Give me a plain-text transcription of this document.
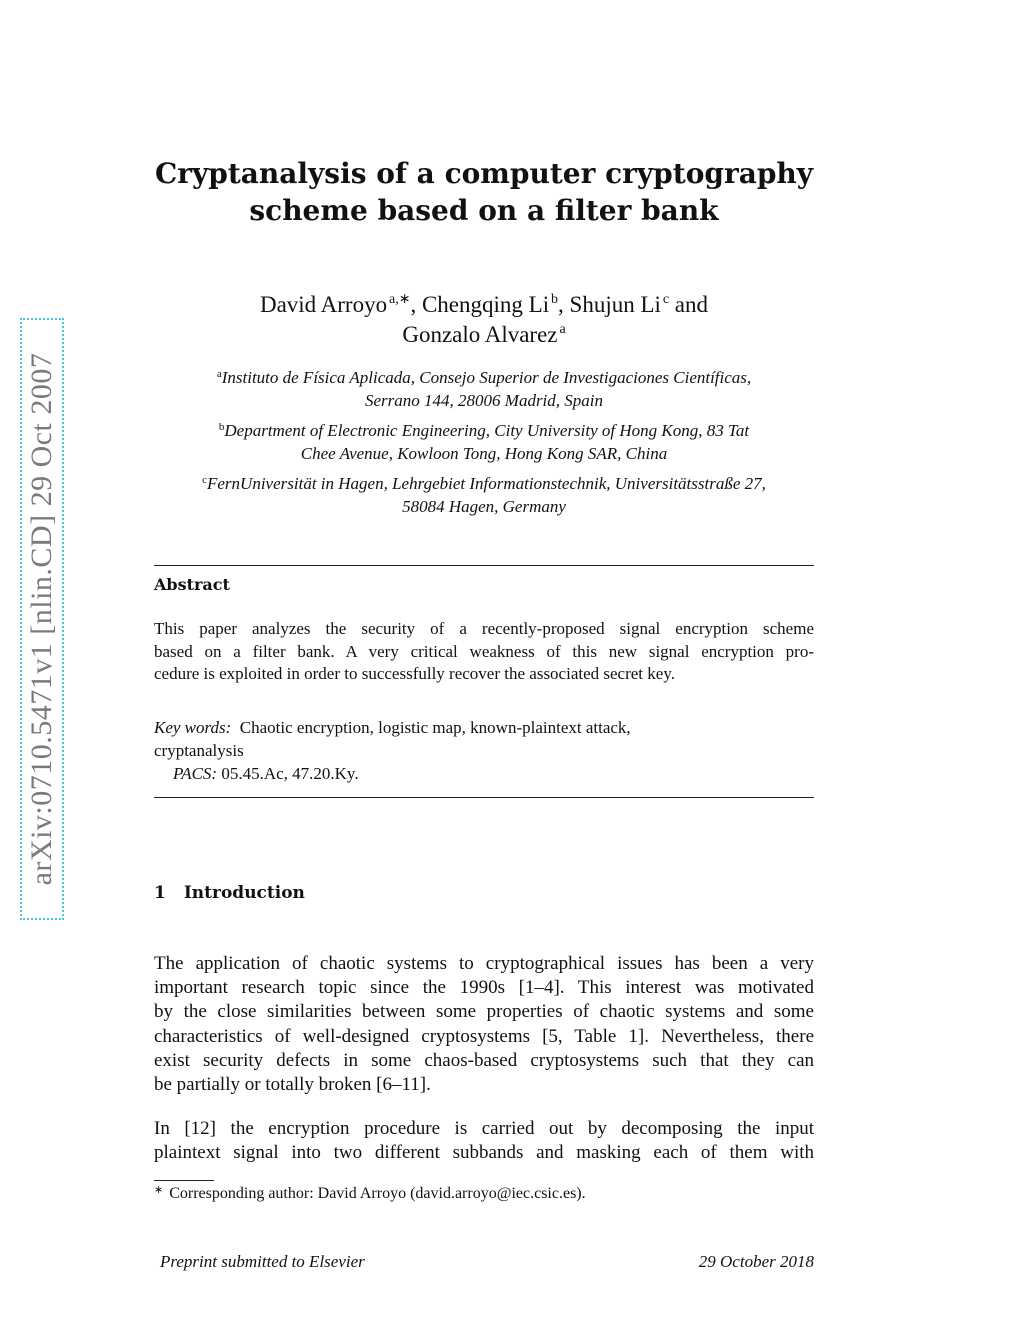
arXiv:0710.5471v1 [nlin.CD] 29 Oct 2007
Cryptanalysis of a computer cryptography
scheme based on a filter bank
David Arroyo  $^{a,∗}$, Chengqing Li  $^b$, Shujun Li  $^c$ and
Gonzalo Alvarez  $^a$
$^a$Instituto de Física Aplicada, Consejo Superior de Investigaciones Científicas,
Serrano 144, 28006 Madrid, Spain
$^b$Department of Electronic Engineering, City University of Hong Kong, 83 Tat
Chee Avenue, Kowloon Tong, Hong Kong SAR, China
$^c$FernUniversität in Hagen, Lehrgebiet Informationstechnik, Universitätsstraße 27,
58084 Hagen, Germany
Abstract
This paper analyzes the security of a recently-proposed signal encryption scheme
based on a filter bank. A very critical weakness of this new signal encryption pro-
cedure is exploited in order to successfully recover the associated secret key.
Key words: Chaotic encryption, logistic map, known-plaintext attack,
cryptanalysis
PACS: 05.45.Ac, 47.20.Ky.
1 Introduction
The application of chaotic systems to cryptographical issues has been a very
important research topic since the 1990s [1–4]. This interest was motivated
by the close similarities between some properties of chaotic systems and some
characteristics of well-designed cryptosystems [5, Table 1]. Nevertheless, there
exist security defects in some chaos-based cryptosystems such that they can
be partially or totally broken [6–11].
In [12] the encryption procedure is carried out by decomposing the input
plaintext signal into two different subbands and masking each of them with
∗ Corresponding author: David Arroyo (david.arroyo@iec.csic.es).
Preprint submitted to Elsevier	29 October 2018
